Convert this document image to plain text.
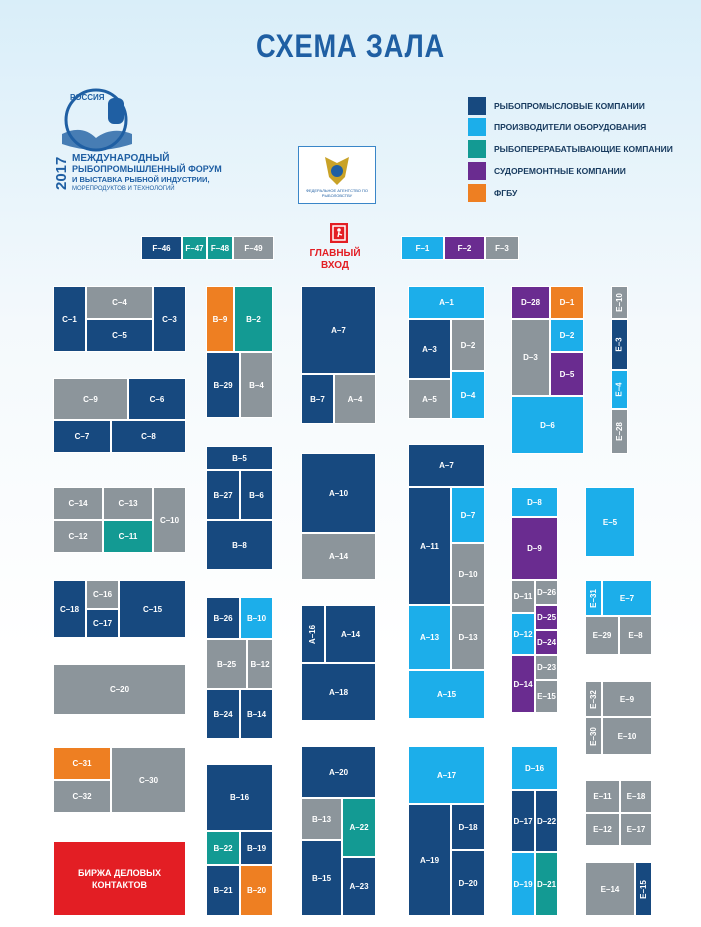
СХЕМА ЗАЛА
РОССИЯ
2017 МЕЖДУНАРОДНЫЙ
РЫБОПРОМЫШЛЕННЫЙ ФОРУМ
И ВЫСТАВКА РЫБНОЙ ИНДУСТРИИ,
МОРЕПРОДУКТОВ И ТЕХНОЛОГИЙ	ФЕДЕРАЛЬНОЕ АГЕНТСТВО ПО РЫБОЛОВСТВУ
ГЛАВНЫЙ
ВХОД
РЫБОПРОМЫСЛОВЫЕ КОМПАНИИ
ПРОИЗВОДИТЕЛИ ОБОРУДОВАНИЯ
РЫБОПЕРЕРАБАТЫВАЮЩИЕ КОМПАНИИ
СУДОРЕМОНТНЫЕ КОМПАНИИ
ФГБУ
F–46 F–47 F–48 F–49	F–1	F–2	F–3
C–1
C–4
C–5
C–3
C–9	C–6
C–7	C–8
C–14	C–13
C–10
C–12	C–11
C–18
C–16
C–17
C–15
C–20
C–31
C–32
C–30
БИРЖА ДЕЛОВЫХ КОНТАКТОВ
B–9 B–2
B–29 B–4
B–5
B–27 B–6
B–8
B–26 B–10
B–25 B–12
B–24 B–14
B–16
B–22 B–19
B–21 B–20
A–7
B–7	A–4
A–10
A–14
A–16	A–14
A–18
A–20
B–13
A–22
B–15
A–23
A–1
A–3	D–2
A–5	D–4
A–7
A–11
D–7
D–10
A–13 D–13
A–15
A–17
A–19
D–18
D–20
D–28 D–1
D–3
D–2
D–5
D–6
D–8
D–9
D–11 D–26
D–25
D–12
D–24
D–14
D–23
E–15
D–16
D–17 D–22
D–19 D–21
E–10
E–3
E–4
E–28
E–5
E–31	E–7
E–29 E–8
E–32	E–9
E–30 E–10
E–11 E–18
E–12 E–17
E–14 E–15
